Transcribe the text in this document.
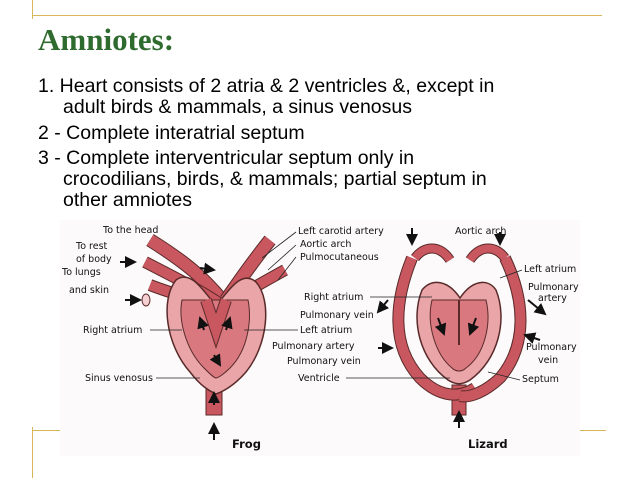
Amniotes:
1. Heart consists of 2 atria & 2 ventricles &, except in
adult birds & mammals, a sinus venosus
2 - Complete interatrial septum
3 - Complete interventricular septum only in
crocodilians, birds, & mammals; partial septum in
other amniotes
To the head
To rest
of body
To lungs
and skin
Right atrium
Sinus venosus
Left carotid artery
Aortic arch
Pulmocutaneous
Right atrium
Pulmonary vein
Left atrium
Pulmonary artery
Pulmonary vein
Ventricle
Aortic arch
Left atrium
Pulmonary
artery
Pulmonary
vein
Septum
Frog	Lizard
